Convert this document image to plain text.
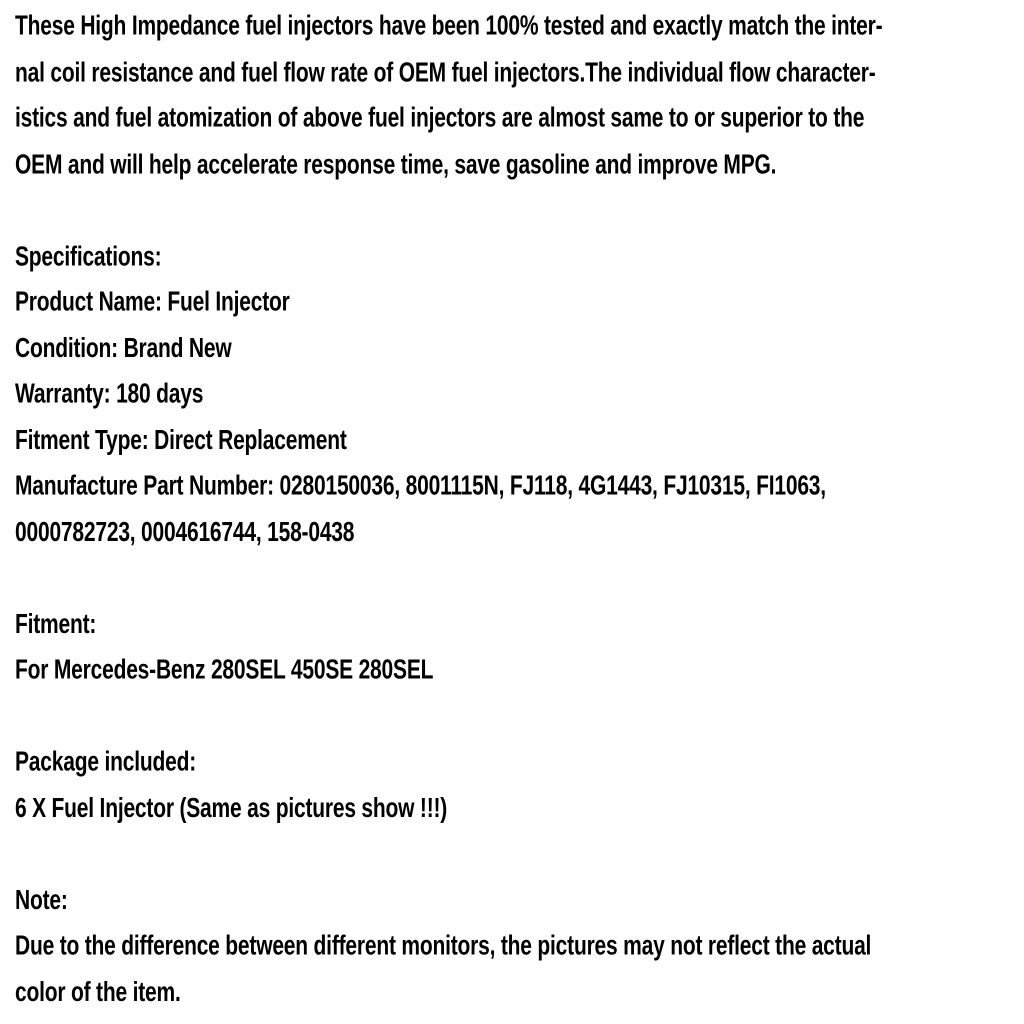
These High Impedance fuel injectors have been 100% tested and exactly match the inter-
nal coil resistance and fuel flow rate of OEM fuel injectors.The individual flow character-
istics and fuel atomization of above fuel injectors are almost same to or superior to the
OEM and will help accelerate response time, save gasoline and improve MPG.
Specifications:
Product Name: Fuel Injector
Condition: Brand New
Warranty: 180 days
Fitment Type: Direct Replacement
Manufacture Part Number: 0280150036, 8001115N, FJ118, 4G1443, FJ10315, FI1063,
0000782723, 0004616744, 158-0438
Fitment:
For Mercedes-Benz 280SEL 450SE 280SEL
Package included:
6 X Fuel Injector (Same as pictures show !!!)
Note:
Due to the difference between different monitors, the pictures may not reflect the actual
color of the item.
